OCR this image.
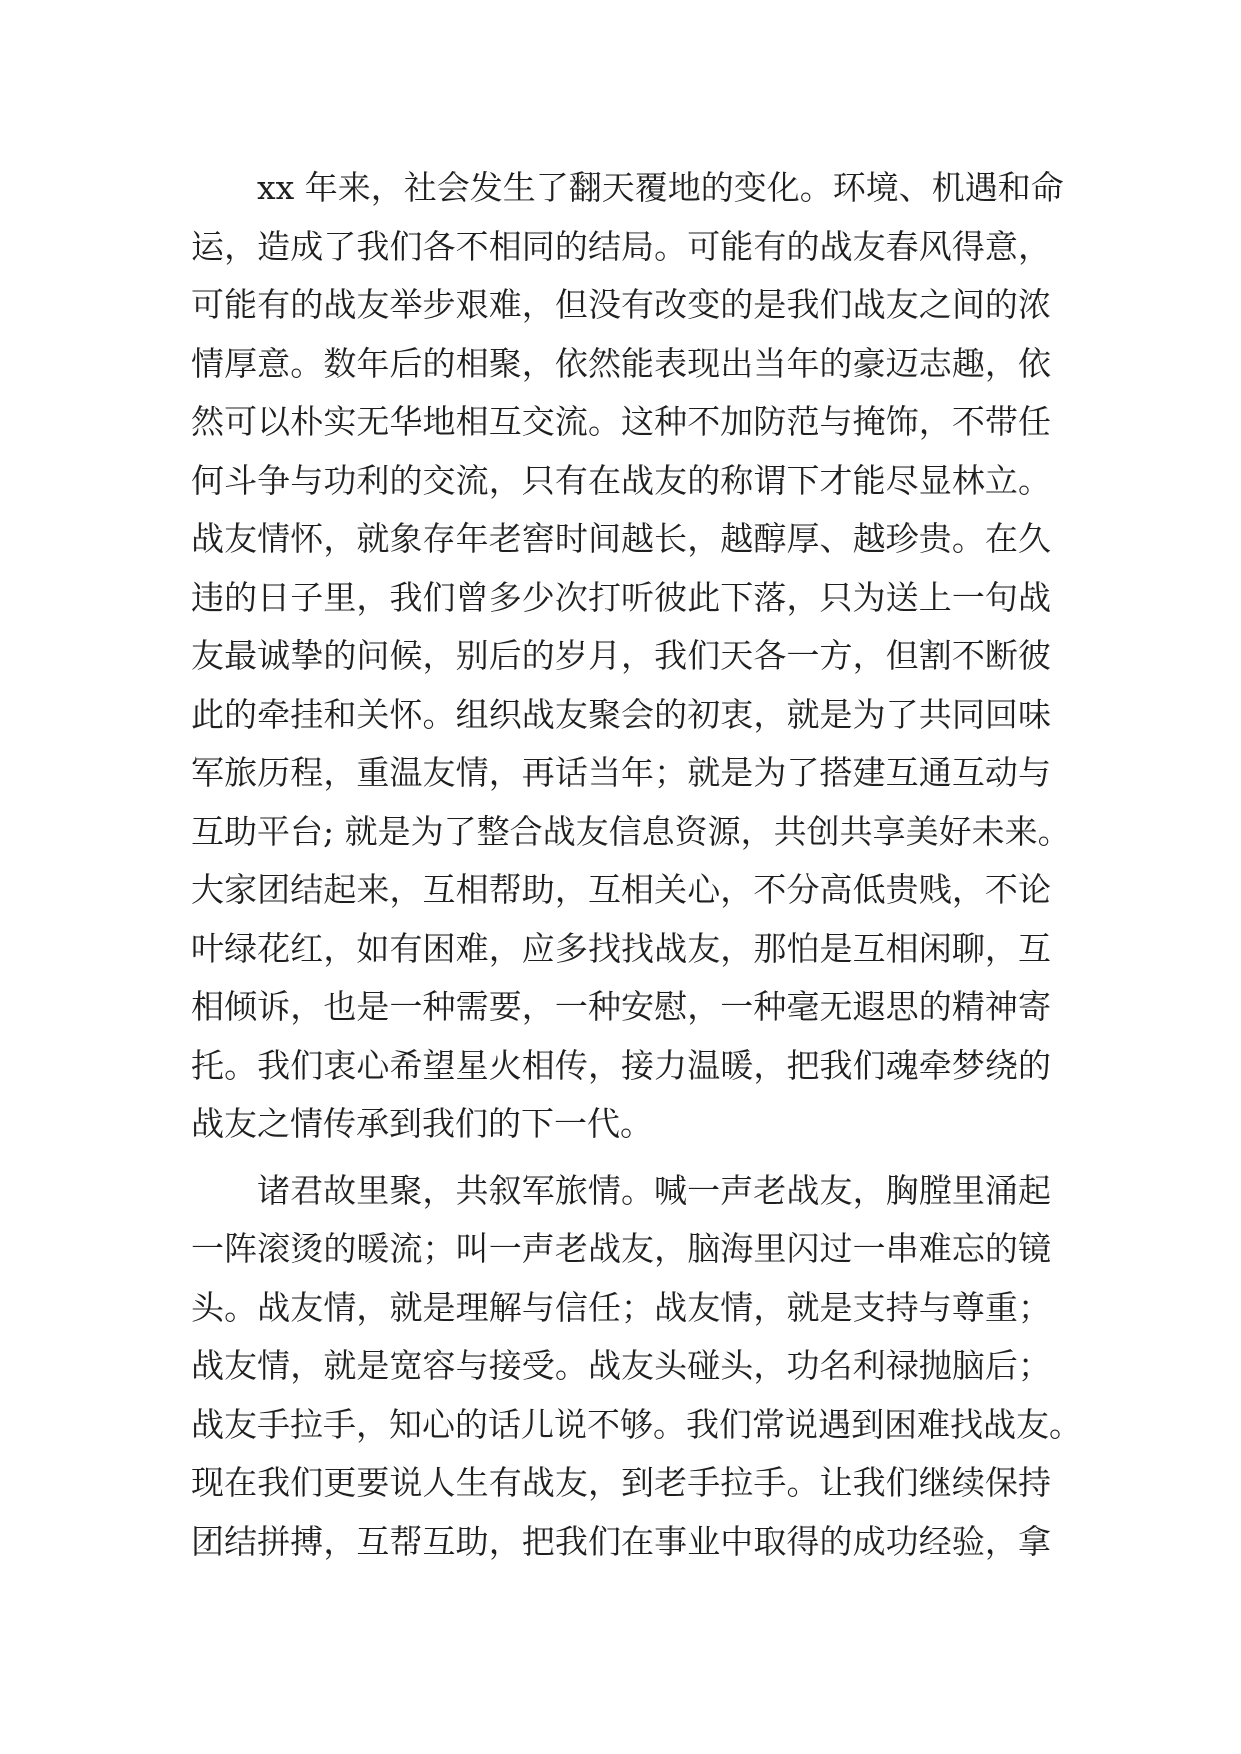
xx 年来，社会发生了翻天覆地的变化。环境、机遇和命
运，造成了我们各不相同的结局。可能有的战友春风得意，
可能有的战友举步艰难，但没有改变的是我们战友之间的浓
情厚意。数年后的相聚，依然能表现出当年的豪迈志趣，依
然可以朴实无华地相互交流。这种不加防范与掩饰，不带任
何斗争与功利的交流，只有在战友的称谓下才能尽显林立。
战友情怀，就象存年老窖时间越长，越醇厚、越珍贵。在久
违的日子里，我们曾多少次打听彼此下落，只为送上一句战
友最诚挚的问候，别后的岁月，我们天各一方，但割不断彼
此的牵挂和关怀。组织战友聚会的初衷，就是为了共同回味
军旅历程，重温友情，再话当年；就是为了搭建互通互动与
互助平台; 就是为了整合战友信息资源，共创共享美好未来。
大家团结起来，互相帮助，互相关心，不分高低贵贱，不论
叶绿花红，如有困难，应多找找战友，那怕是互相闲聊，互
相倾诉，也是一种需要，一种安慰，一种毫无遐思的精神寄
托。我们衷心希望星火相传，接力温暖，把我们魂牵梦绕的
战友之情传承到我们的下一代。
诸君故里聚，共叙军旅情。喊一声老战友，胸膛里涌起
一阵滚烫的暖流；叫一声老战友，脑海里闪过一串难忘的镜
头。战友情，就是理解与信任；战友情，就是支持与尊重；
战友情，就是宽容与接受。战友头碰头，功名利禄抛脑后；
战友手拉手，知心的话儿说不够。我们常说遇到困难找战友。
现在我们更要说人生有战友，到老手拉手。让我们继续保持
团结拼搏，互帮互助，把我们在事业中取得的成功经验，拿
